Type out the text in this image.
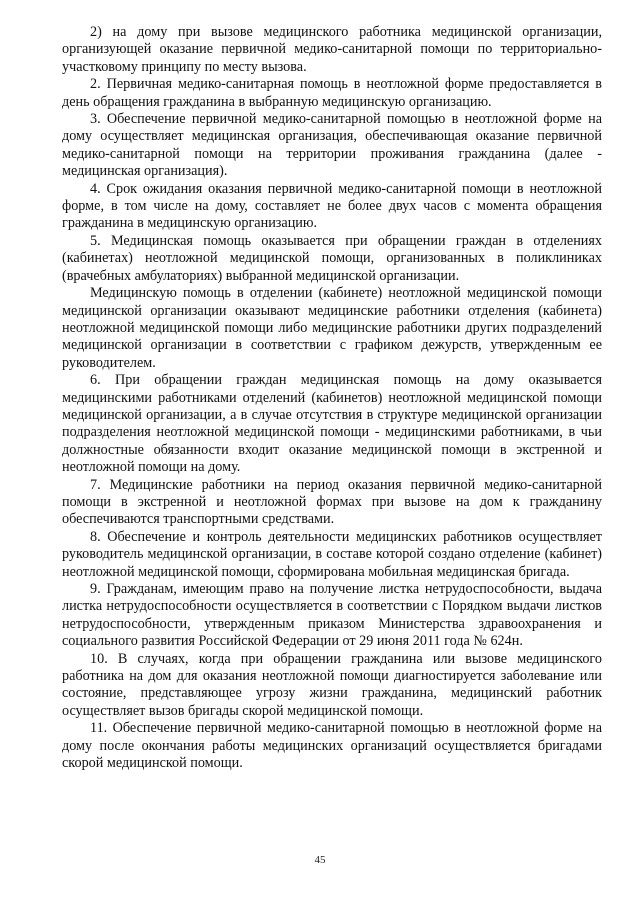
2) на дому при вызове медицинского работника медицинской организации, организующей оказание первичной медико-санитарной помощи по территориально-участковому принципу по месту вызова.

2. Первичная медико-санитарная помощь в неотложной форме предоставляется в день обращения гражданина в выбранную медицинскую организацию.

3. Обеспечение первичной медико-санитарной помощью в неотложной форме на дому осуществляет медицинская организация, обеспечивающая оказание первичной медико-санитарной помощи на территории проживания гражданина (далее - медицинская организация).

4. Срок ожидания оказания первичной медико-санитарной помощи в неотложной форме, в том числе на дому, составляет не более двух часов с момента обращения гражданина в медицинскую организацию.

5. Медицинская помощь оказывается при обращении граждан в отделениях (кабинетах) неотложной медицинской помощи, организованных в поликлиниках (врачебных амбулаториях) выбранной медицинской организации.

Медицинскую помощь в отделении (кабинете) неотложной медицинской помощи медицинской организации оказывают медицинские работники отделения (кабинета) неотложной медицинской помощи либо медицинские работники других подразделений медицинской организации в соответствии с графиком дежурств, утвержденным ее руководителем.

6. При обращении граждан медицинская помощь на дому оказывается медицинскими работниками отделений (кабинетов) неотложной медицинской помощи медицинской организации, а в случае отсутствия в структуре медицинской организации подразделения неотложной медицинской помощи - медицинскими работниками, в чьи должностные обязанности входит оказание медицинской помощи в экстренной и неотложной помощи на дому.

7. Медицинские работники на период оказания первичной медико-санитарной помощи в экстренной и неотложной формах при вызове на дом к гражданину обеспечиваются транспортными средствами.

8. Обеспечение и контроль деятельности медицинских работников осуществляет руководитель медицинской организации, в составе которой создано отделение (кабинет) неотложной медицинской помощи, сформирована мобильная медицинская бригада.

9. Гражданам, имеющим право на получение листка нетрудоспособности, выдача листка нетрудоспособности осуществляется в соответствии с Порядком выдачи листков нетрудоспособности, утвержденным приказом Министерства здравоохранения и социального развития Российской Федерации от 29 июня 2011 года № 624н.

10. В случаях, когда при обращении гражданина или вызове медицинского работника на дом для оказания неотложной помощи диагностируется заболевание или состояние, представляющее угрозу жизни гражданина, медицинский работник осуществляет вызов бригады скорой медицинской помощи.

11. Обеспечение первичной медико-санитарной помощью в неотложной форме на дому после окончания работы медицинских организаций осуществляется бригадами скорой медицинской помощи.

45
